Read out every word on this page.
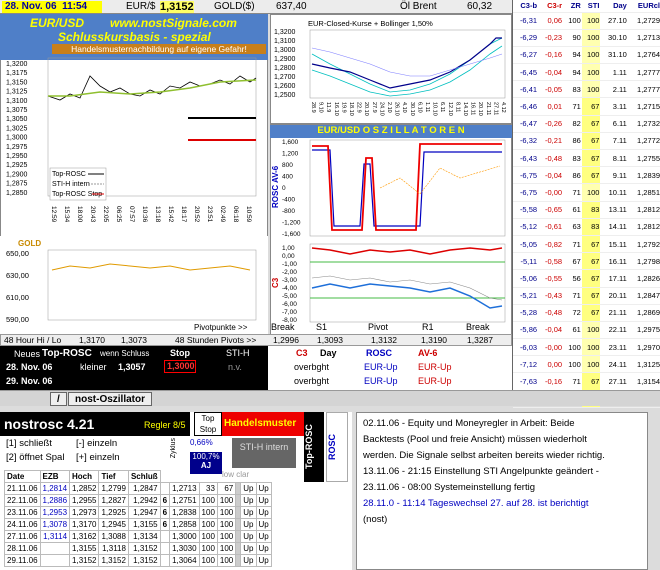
28. Nov. 06 11:54	EUR/$ 1,3152 GOLD($) 637,40	Öl Brent	60,32
EUR/USD www.nostSignale.com
Schlusskursbasis - spezial
Handelsmusternachbildung auf eigene Gefahr!
1,3200
1,3175
1,3150
1,3125
1,3100
1,3075
1,3050
1,3025
1,3000
1,2975
1,2950
1,2925
1,2900
1,2875
1,2850
Top-ROSC
STI-H intern
Top-ROSC Stop
12:59 15:34 18:00 20:43 22:05 06:25 07:57 10:36 13:18 15:42 18:17 20:52 23:51 02:49 06:18 10:59
GOLD
650,00
630,00
610,00
590,00
Pivotpunkte >>
EUR-Closed-Kurse + Bollinger 1,50%
1,3200
1,3100
1,3000
1,2900
1,2800
1,2700
1,2600
1,2500
28.9 9.10 11.9 16.10 19.9 18.10 22.9 20.10 27.9 24.10 2.10 26.10 4.10 30.10 6.10 1.11 10.10 6.11 12.10 8.11 14.10 16.11 20.10 21.11 27.11 4.12
EUR/USD O S Z I L L A T O R E N
1,600
1,200
800
400
0
-400
-800
-1,200
-1,600
ROSC AV-6
1,00
0,00
-1,00
-2,00
-3,00
-4,00
-5,00
-6,00
-7,00
-8,00
C3
Break S1	Pivot	R1	Break
48 Hour Hi / Lo 1,3170 1,3073	48 Stunden Pivots >> 1,2996 1,3093	1,3132	1,3190 1,3287
Neues Top-ROSC wenn Schluss Stop	STI-H
28. Nov. 06	kleiner 1,3057	1,3000	n.v.
29. Nov. 06
C3 Day	ROSC	AV-6
overbght	EUR-Up EUR-Up
overbght	EUR-Up EUR-Up
C3-b	C3-r	ZR	STI	Day	EURcl
-6,31	0,06	100	100	27.10	1,2729
-6,29	-0,23	90	100	30.10	1,2713
-6,27	-0,16	94	100	31.10	1,2764
-6,45	-0,04	94	100	1.11	1,2777
-6,41	-0,05	83	100	2.11	1,2777
-6,46	0,01	71	67	3.11	1,2715
-6,47	-0,26	82	67	6.11	1,2732
-6,32	-0,21	86	67	7.11	1,2772
-6,43	-0,48	83	67	8.11	1,2755
-6,75	-0,04	86	67	9.11	1,2839
-6,75	-0,00	71	100	10.11	1,2851
-5,58	-0,65	61	83	13.11	1,2812
-5,12	-0,61	63	83	14.11	1,2812
-5,05	-0,82	71	67	15.11	1,2792
-5,11	-0,58	67	67	16.11	1,2798
-5,06	-0,55	56	67	17.11	1,2826
-5,21	-0,43	71	67	20.11	1,2847
-5,28	-0,48	72	67	21.11	1,2869
-5,86	-0,04	61	100	22.11	1,2975
-6,03	-0,00	100	100	23.11	1,2970
-7,12	0,00	100	100	24.11	1,3125
-7,63	-0,16	71	67	27.11	1,3154

/	nost-Oszillator
nostrosc 4.21	Regler 8/5
Top Stop
Handelsmuster
Top-ROSC	ROSC
[1] schließt	[-] einzeln
[2] öffnet Spal [+] einzeln	Zyklus 0,66%
100,7%
AJ
STI-H intern
low clar
Date	EZB	Hoch	Tief	Schluß							
21.11.06	1,2814	1,2852	1,2799	1,2847		1,2713	33	67		Up	Up
22.11.06	1,2886	1,2955	1,2827	1,2942	6	1,2751	100	100		Up	Up
23.11.06	1,2953	1,2973	1,2925	1,2947	6	1,2838	100	100		Up	Up
24.11.06	1,3078	1,3170	1,2945	1,3155	6	1,2858	100	100		Up	Up
27.11.06	1,3114	1,3162	1,3088	1,3134		1,3000	100	100		Up	Up
28.11.06		1,3155	1,3118	1,3152		1,3030	100	100		Up	Up
29.11.06		1,3152	1,3152	1,3152		1,3064	100	100		Up	Up
02.11.06 - Equity und Moneyregler in Arbeit: Beide
Backtests (Pool und freie Ansicht) müssen wiederholt
werden. Die Signale selbst arbeiten bereits wieder richtig.
13.11.06 - 21:15 Einstellung STI Angelpunkte geändert -
23.11.06 - 08:00 Systemeinstellung fertig
28.11.0 - 11:14 Tageswechsel 27. auf 28. ist berichtigt
(nost)
